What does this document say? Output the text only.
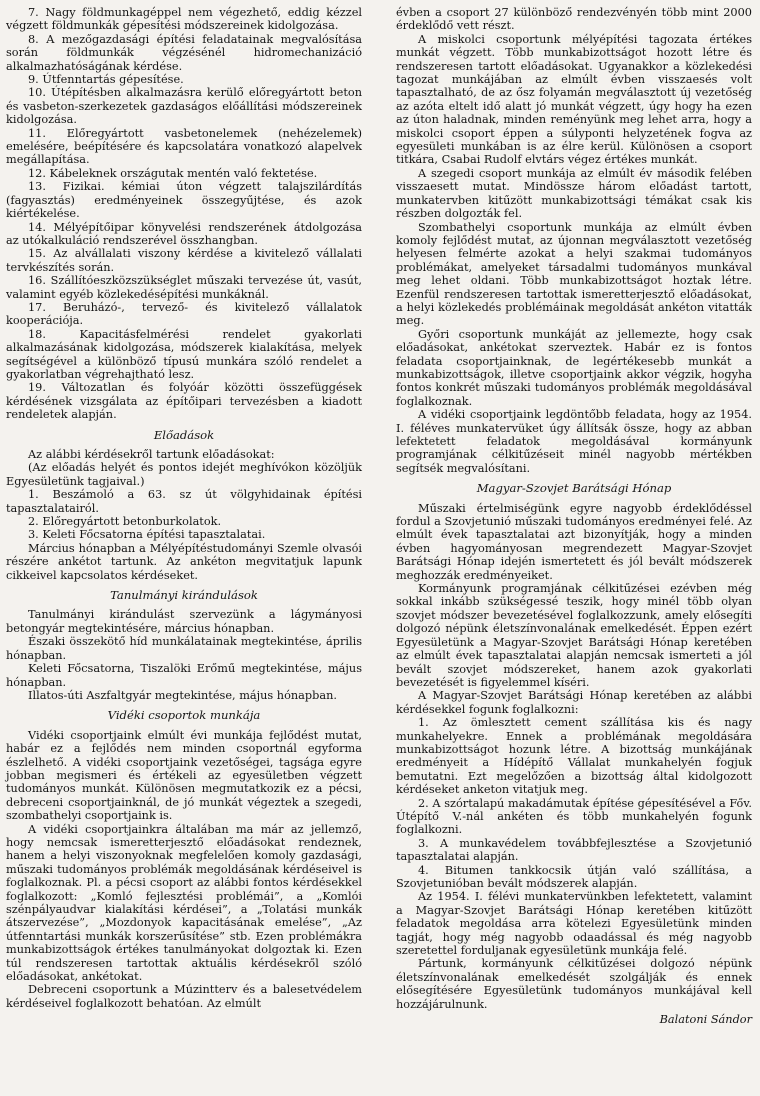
7. Nagy földmunkagéppel nem végezhető, eddig kézzel végzett földmunkák gépesítési módszereinek kidolgozása.

8. A mezőgazdasági építési feladatainak megvalósítása során földmunkák végzésénél hidromechanizáció alkalmazhatóságának kérdése.

9. Útfenntartás gépesítése.

10. Útépítésben alkalmazásra kerülő előregyártott beton és vasbeton-szerkezetek gazdaságos előállítási módszereinek kidolgozása.

11. Előregyártott vasbetonelemek (nehézelemek) emelésére, beépítésére és kapcsolatára vonatkozó alapelvek megállapítása.

12. Kábeleknek országutak mentén való fektetése.

13. Fizikai. kémiai úton végzett talajszilárdítás (fagyasztás) eredményeinek összegyűjtése, és azok kiértékelése.

14. Mélyépítőipar könyvelési rendszerének átdolgozása az utókalkuláció rendszerével összhangban.

15. Az alvállalati viszony kérdése a kivitelező vállalati tervkészítés során.

16. Szállítóeszközszükséglet műszaki tervezése út, vasút, valamint egyéb közlekedésépítési munkáknál.

17. Beruházó-, tervező- és kivitelező vállalatok kooperációja.

18. Kapacitásfelmérési rendelet gyakorlati alkalmazásának kidolgozása, módszerek kialakítása, melyek segítségével a különböző típusú munkára szóló rendelet a gyakorlatban végrehajtható lesz.

19. Változatlan és folyóár közötti összefüggések kérdésének vizsgálata az építőipari tervezésben a kiadott rendeletek alapján.

Előadások

Az alábbi kérdésekről tartunk előadásokat:

(Az előadás helyét és pontos idejét meghívókon közöljük Egyesületünk tagjaival.)

1. Beszámoló a 63. sz út völgyhidainak építési tapasztalatairól.

2. Előregyártott betonburkolatok.

3. Keleti Főcsatorna építési tapasztalatai.

Március hónapban a Mélyépítéstudományi Szemle olvasói részére ankétot tartunk. Az ankéton megvitatjuk lapunk cikkeivel kapcsolatos kérdéseket.

Tanulmányi kirándulások

Tanulmányi kirándulást szervezünk a lágymányosi betongyár megtekintésére, március hónapban.

Északi összekötő híd munkálatainak megtekintése, április hónapban.

Keleti Főcsatorna, Tiszalöki Erőmű megtekintése, május hónapban.

Illatos-úti Aszfaltgyár megtekintése, május hónapban.

Vidéki csoportok munkája

Vidéki csoportjaink elmúlt évi munkája fejlődést mutat, habár ez a fejlődés nem minden csoportnál egyforma észlelhető. A vidéki csoportjaink vezetőségei, tagsága egyre jobban megismeri és értékeli az egyesületben végzett tudományos munkát. Különösen megmutatkozik ez a pécsi, debreceni csoportjainknál, de jó munkát végeztek a szegedi, szombathelyi csoportjaink is.

A vidéki csoportjainkra általában ma már az jellemző, hogy nemcsak ismeretterjesztő előadásokat rendeznek, hanem a helyi viszonyoknak megfelelően komoly gazdasági, műszaki tudományos problémák megoldásának kérdéseivel is foglalkoznak. Pl. a pécsi csoport az alábbi fontos kérdésekkel foglalkozott: „Komló fejlesztési problémái”, a „Komlói szénpályaudvar kialakítási kérdései”, a „Tolatási munkák átszervezése”, „Mozdonyok kapacitásának emelése”, „Az útfenntartási munkák korszerűsítése” stb. Ezen problémákra munkabizottságok értékes tanulmányokat dolgoztak ki. Ezen túl rendszeresen tartottak aktuális kérdésekről szóló előadásokat, ankétokat.

Debreceni csoportunk a Múzintterv és a balesetvédelem kérdéseivel foglalkozott behatóan. Az elmúlt

évben a csoport 27 különböző rendezvényén több mint 2000 érdeklődő vett részt.

A miskolci csoportunk mélyépítési tagozata értékes munkát végzett. Több munkabizottságot hozott létre és rendszeresen tartott előadásokat. Ugyanakkor a közlekedési tagozat munkájában az elmúlt évben visszaesés volt tapasztalható, de az ősz folyamán megválasztott új vezetőség az azóta eltelt idő alatt jó munkát végzett, úgy hogy ha ezen az úton haladnak, minden reményünk meg lehet arra, hogy a miskolci csoport éppen a súlyponti helyzetének fogva az egyesületi munkában is az élre kerül. Különösen a csoport titkára, Csabai Rudolf elvtárs végez értékes munkát.

A szegedi csoport munkája az elmúlt év második felében visszaesett mutat. Mindössze három előadást tartott, munkatervben kitűzött munkabizottsági témákat csak kis részben dolgozták fel.

Szombathelyi csoportunk munkája az elmúlt évben komoly fejlődést mutat, az újonnan megválasztott vezetőség helyesen felmérte azokat a helyi szakmai tudományos problémákat, amelyeket társadalmi tudományos munkával meg lehet oldani. Több munkabizottságot hoztak létre. Ezenfül rendszeresen tartottak ismeretterjesztő előadásokat, a helyi közlekedés problémáinak megoldását ankéton vitatták meg.

Győri csoportunk munkáját az jellemezte, hogy csak előadásokat, ankétokat szerveztek. Habár ez is fontos feladata csoportjainknak, de legértékesebb munkát a munkabizottságok, illetve csoportjaink akkor végzik, hogyha fontos konkrét műszaki tudományos problémák megoldásával foglalkoznak.

A vidéki csoportjaink legdöntőbb feladata, hogy az 1954. I. féléves munkatervüket úgy állítsák össze, hogy az abban lefektetett feladatok megoldásával kormányunk programjának célkitűzéseit minél nagyobb mértékben segítsék megvalósítani.

Magyar-Szovjet Barátsági Hónap

Műszaki értelmiségünk egyre nagyobb érdeklődéssel fordul a Szovjetunió műszaki tudományos eredményei felé. Az elmúlt évek tapasztalatai azt bizonyítják, hogy a minden évben hagyományosan megrendezett Magyar-Szovjet Barátsági Hónap idején ismertetett és jól bevált módszerek meghozzák eredményeiket.

Kormányunk programjának célkitűzései ezévben még sokkal inkább szükségessé teszik, hogy minél több olyan szovjet módszer bevezetésével foglalkozzunk, amely elősegíti dolgozó népünk életszínvonalának emelkedését. Éppen ezért Egyesületünk a Magyar-Szovjet Barátsági Hónap keretében az elmúlt évek tapasztalatai alapján nemcsak ismerteti a jól bevált szovjet módszereket, hanem azok gyakorlati bevezetését is figyelemmel kíséri.

A Magyar-Szovjet Barátsági Hónap keretében az alábbi kérdésekkel fogunk foglalkozni:

1. Az ömlesztett cement szállítása kis és nagy munkahelyekre. Ennek a problémának megoldására munkabizottságot hozunk létre. A bizottság munkájának eredményeit a Hídépítő Vállalat munkahelyén fogjuk bemutatni. Ezt megelőzően a bizottság által kidolgozott kérdéseket anketon vitatjuk meg.

2. A szórtalapú makadámutak építése gépesítésével a Főv. Útépítő V.-nál ankéten és több munkahelyén fogunk foglalkozni.

3. A munkavédelem továbbfejlesztése a Szovjetunió tapasztalatai alapján.

4. Bitumen tankkocsik útján való szállítása, a Szovjetunióban bevált módszerek alapján.

Az 1954. I. félévi munkatervünkben lefektetett, valamint a Magyar-Szovjet Barátsági Hónap keretében kitűzött feladatok megoldása arra kötelezi Egyesületünk minden tagját, hogy még nagyobb odaadással és még nagyobb szeretettel forduljanak egyesületünk munkája felé.

Pártunk, kormányunk célkitűzései dolgozó népünk életszínvonalának emelkedését szolgálják és ennek elősegítésére Egyesületünk tudományos munkájával kell hozzájárulnunk.

Balatoni Sándor
